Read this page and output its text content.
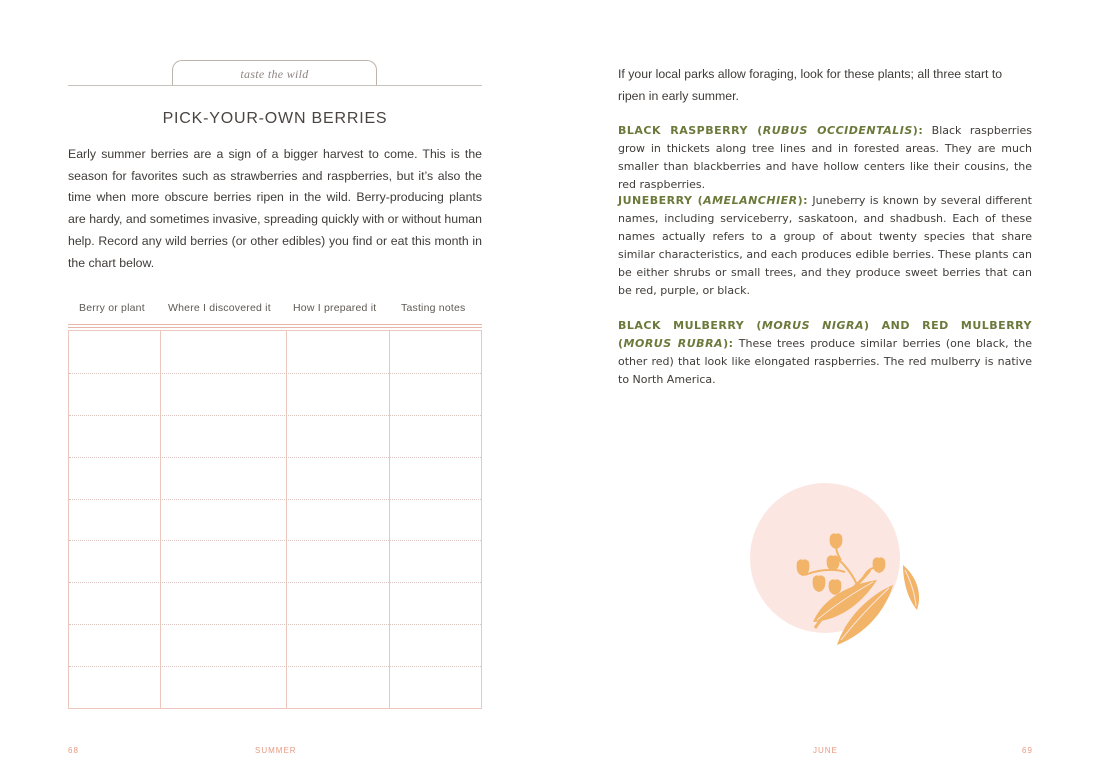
taste the wild
PICK-YOUR-OWN BERRIES
Early summer berries are a sign of a bigger harvest to come. This is the season for favorites such as strawberries and raspberries, but it’s also the time when more obscure berries ripen in the wild. Berry-producing plants are hardy, and sometimes invasive, spreading quickly with or without human help. Record any wild berries (or other edibles) you find or eat this month in the chart below.
Berry or plant Where I discovered it How I prepared it Tasting notes
68	SUMMER
If your local parks allow foraging, look for these plants; all three start to ripen in early summer.
BLACK RASPBERRY (RUBUS OCCIDENTALIS): Black raspberries grow in thickets along tree lines and in forested areas. They are much smaller than blackberries and have hollow centers like their cousins, the red raspberries.
JUNEBERRY (AMELANCHIER): Juneberry is known by several different names, including serviceberry, saskatoon, and shadbush. Each of these names actually refers to a group of about twenty species that share similar characteristics, and each produces edible berries. These plants can be either shrubs or small trees, and they produce sweet berries that can be red, purple, or black.
BLACK MULBERRY (MORUS NIGRA) AND RED MULBERRY (MORUS RUBRA): These trees produce similar berries (one black, the other red) that look like elongated raspberries. The red mulberry is native to North America.
JUNE	69
